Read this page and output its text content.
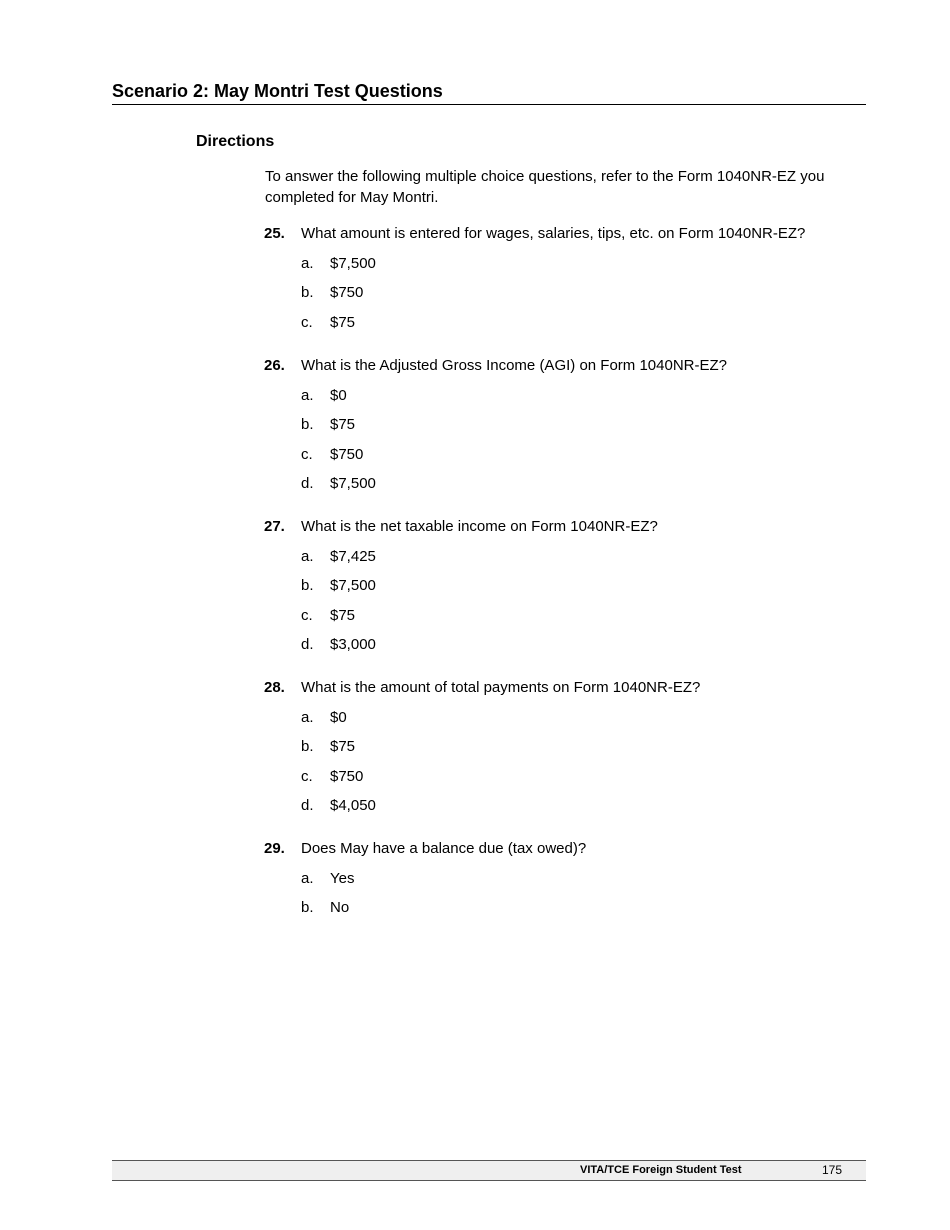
Scenario 2: May Montri Test Questions
Directions
To answer the following multiple choice questions, refer to the Form 1040NR-EZ you completed for May Montri.
25.	What amount is entered for wages, salaries, tips, etc. on Form 1040NR-EZ?
a.	$7,500
b.	$750
c.	$75
26.	What is the Adjusted Gross Income (AGI) on Form 1040NR-EZ?
a.	$0
b.	$75
c.	$750
d.	$7,500
27.	What is the net taxable income on Form 1040NR-EZ?
a.	$7,425
b.	$7,500
c.	$75
d.	$3,000
28.	What is the amount of total payments on Form 1040NR-EZ?
a.	$0
b.	$75
c.	$750
d.	$4,050
29.	Does May have a balance due (tax owed)?
a.	Yes
b.	No
VITA/TCE Foreign Student Test	175
